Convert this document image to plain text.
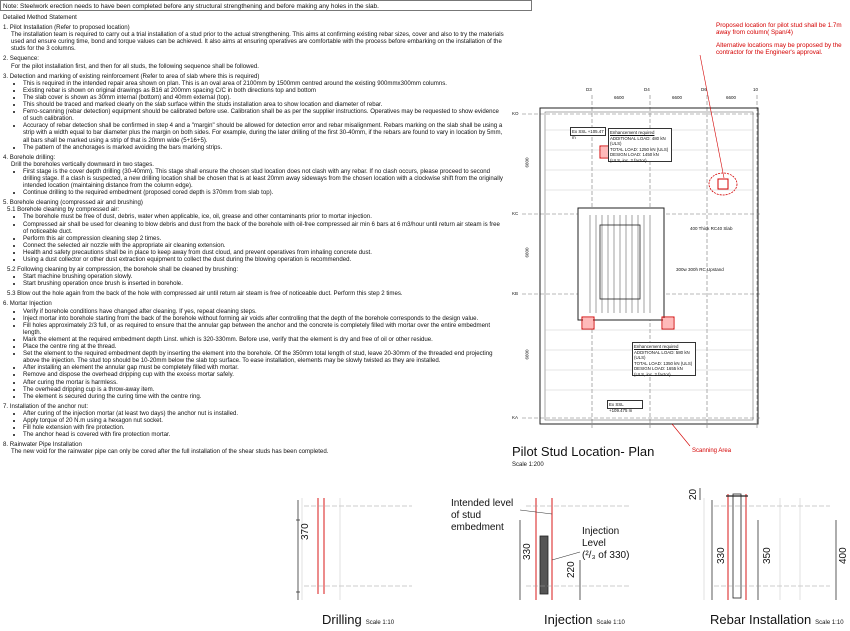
Note: Steelwork erection needs to have been completed before any structural strengthening and before making any holes in the slab.
Detailed Method Statement
1. Pilot Installation (Refer to proposed location)
The installation team is required to carry out a trial installation of a stud prior to the actual strengthening. This aims at confirming existing rebar sizes, cover and also to try the materials used and ensure curing time, bond and torque values can be achieved. It also aims at ensuring operatives are comfortable with the process before embarking on the installation of the studs for the 3 columns.
2. Sequence:
For the pilot installation first, and then for all studs, the following sequence shall be followed.
3. Detection and marking of existing reinforcement (Refer to area of slab where this is required)
• This is required in the intended repair area shown on plan. This is an oval area of 2100mm by 1500mm centred around the existing 900mmx300mm columns.
• Existing rebar is shown on original drawings as B16 at 200mm spacing C/C in both directions top and bottom
• The slab cover is shown as 30mm internal (bottom) and 40mm external (top).
• This should be traced and marked clearly on the slab surface within the studs installation area to show location and diameter of rebar.
• Ferro-scanning (rebar detection) equipment should be calibrated before use. Calibration shall be as per the supplier instructions. Operatives may be requested to show evidence of such calibration.
• Accuracy of rebar detection shall be confirmed in step 4 and a "margin" should be allowed for detection error and rebar misalignment. Rebars marking on the slab shall be using a strip with a width equal to bar diameter plus the margin on both sides. For example, during the later drilling of the first 30-40mm, if the rebars are found to vary in location by 5mm, all bars shall be marked using a strip of that is 20mm wide (5+16+5).
• The pattern of the anchorages is marked avoiding the bars marking strips.
4. Borehole drilling:
Drill the boreholes vertically downward in two stages.
• First stage is the cover depth drilling (30-40mm). This stage shall ensure the chosen stud location does not clash with any rebar. If no clash occurs, please proceed to second drilling stage. If a clash is suspected, a new drilling location shall be chosen that is at least 20mm away sideways from the chosen location with a clockwise shift from the originally intended location (maintaining distance from the column edge).
• Continue drilling to the required embedment (proposed cored depth is 370mm from slab top).
5. Borehole cleaning (compressed air and brushing)
5.1 Borehole cleaning by compressed air:
• The borehole must be free of dust, debris, water when applicable, ice, oil, grease and other contaminants prior to mortar injection.
• Compressed air shall be used for cleaning to blow debris and dust from the back of the borehole with oil-free compressed air min 6 bars at 6 m3/hour until return air steam is free of noticeable duct.
• Perform this air compression cleaning step 2 times.
• Connect the selected air nozzle with the appropriate air cleaning extension.
• Health and safety precautions shall be in place to keep away from dust cloud, and prevent operatives from inhaling concrete dust.
• Using a dust collector or other dust extraction equipment to collect the dust during the blowing operation is recommended.
5.2 Following cleaning by air compression, the borehole shall be cleaned by brushing:
• Start machine brushing operation slowly.
• Start brushing operation once brush is inserted in borehole.
5.3 Blow out the hole again from the back of the hole with compressed air until return air steam is free of noticeable duct. Perform this step 2 times.
6. Mortar Injection
• Verify if borehole conditions have changed after cleaning. If yes, repeat cleaning steps.
• Inject mortar into borehole starting from the back of the borehole without forming air voids after controlling that the depth of the borehole corresponds to the design value.
• Fill holes approximately 2/3 full, or as required to ensure that the annular gap between the anchor and the concrete is completely filled with mortar over the entire embedment length.
• Mark the element at the required embedment depth Linst. which is 320-330mm. Before use, verify that the element is dry and free of oil or other residue.
• Place the centre ring at the thread.
• Set the element to the required embedment depth by inserting the element into the borehole. Of the 350mm total length of stud, leave 20-30mm of the threaded end projecting above the injection. The stud top should be 10-20mm below the slab top surface. To ease installation, elements may be slowly twisted as they are installed.
• After installing an element the annular gap must be completely filled with mortar.
• Remove and dispose the overhead dripping cup with the excess mortar safely.
• After curing the mortar is harmless.
• The overhead dripping cup is a throw-away item.
• The element is secured during the curing time with the centre ring.
7. Installation of the anchor nut:
• After curing of the injection mortar (at least two days) the anchor nut is installed.
• Apply torque of 20 N.m using a hexagon nut socket.
• Fill hole extension with fire protection.
• The anchor head is covered with fire protection mortar.
8. Rainwater Pipe Installation
The new void for the rainwater pipe can only be cored after the full installation of the shear studs has been completed.
Proposed location for pilot stud shall be 1.7m away from column( Span/4)
Alternative locations may be proposed by the contractor for the Engineer's approval.
D3	D4	D6	10
6600	6600	6600
KO
KC
KB
KA
6600
6600
6600
Ex SSL +105.47 m
Ex SSL +109.475 m
Enhancement required
ADDITIONAL LOAD: 480 kN (ULS)
TOTAL LOAD: 1250 kN (ULS)
DESIGN LOAD: 1450 kN
(ULS, inc. 2 factor)
Enhancement required
ADDITIONAL LOAD: 580 kN (ULS)
TOTAL LOAD: 1350 kN (ULS)
DESIGN LOAD: 1655 kN
(ULS, inc. 2 factor)
400 Thick RC40 Slab
300w 300h RC Upstand
Pilot Stud Location- Plan
Scale 1:200
Scanning Area
Drilling Scale 1:10	Injection Scale 1:10	Rebar Installation Scale 1:10
370
330
220
20
330	350	400
Intended level
of stud
embedment	Injection
Level
(²/₃ of 330)
